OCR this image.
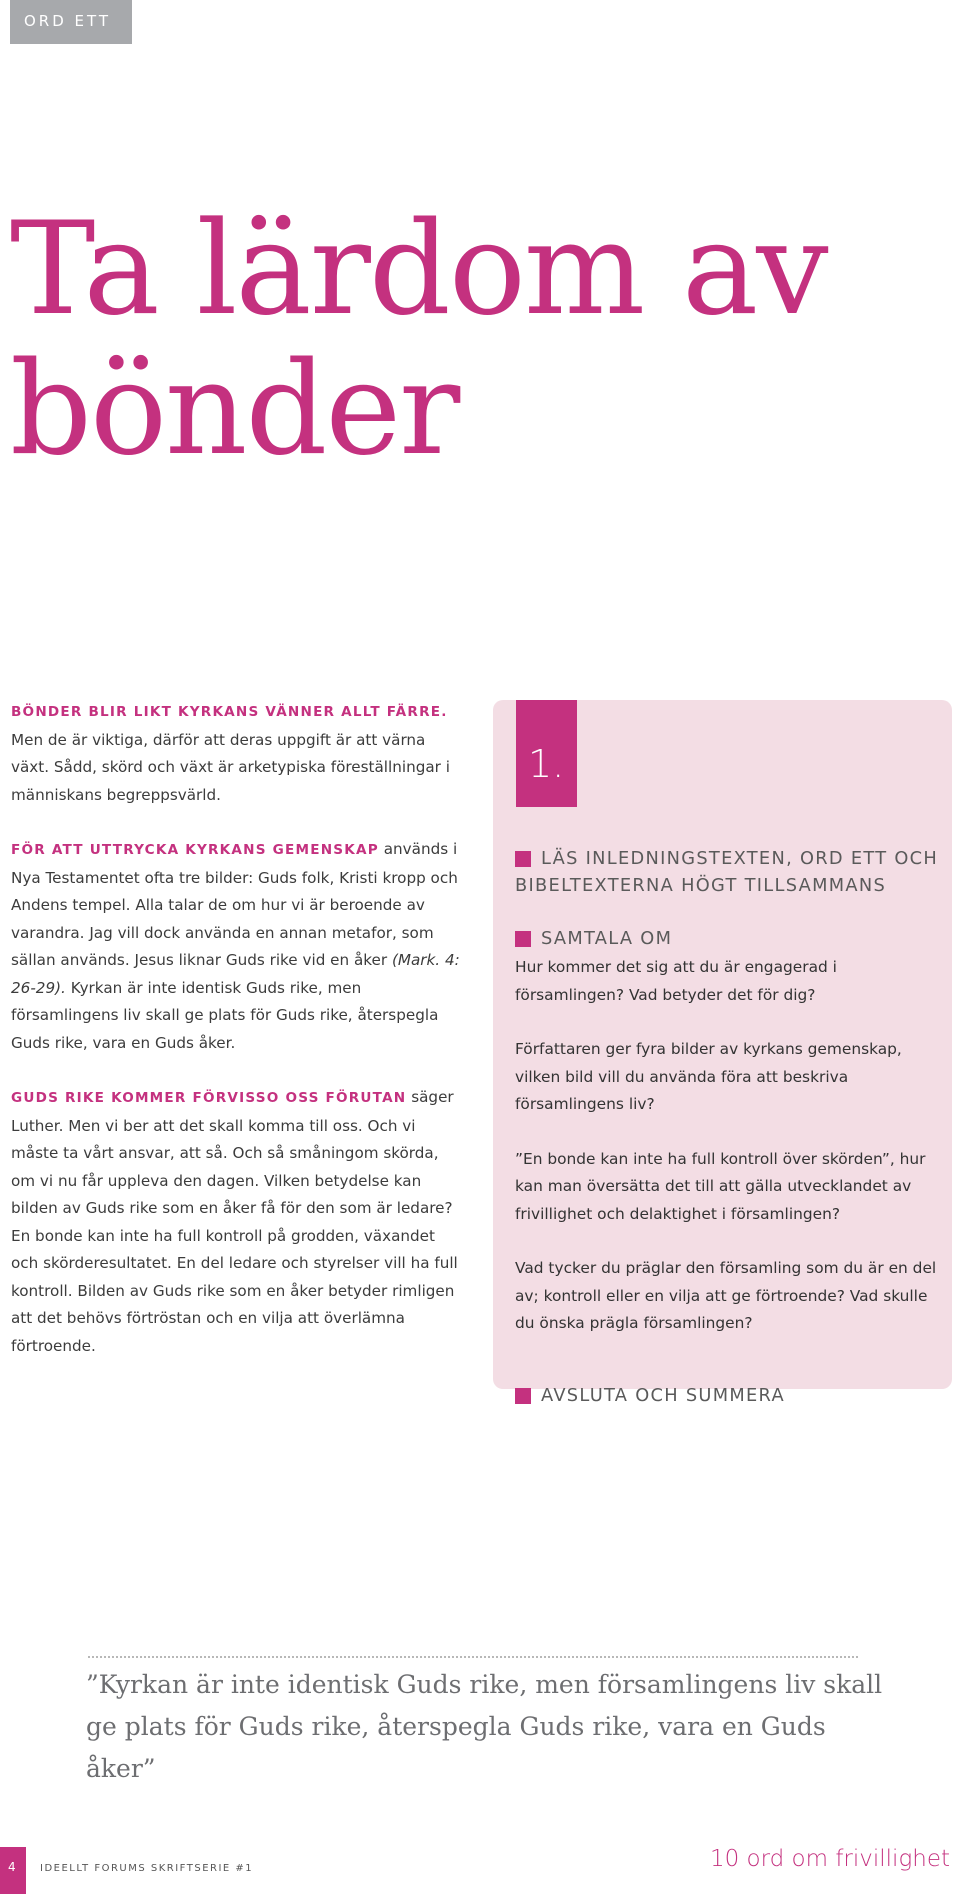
ORD ETT
Ta lärdom av bönder

BÖNDER BLIR LIKT KYRKANS VÄNNER ALLT FÄRRE. Men de är viktiga, därför att deras uppgift är att värna växt. Sådd, skörd och växt är arketypiska föreställningar i människans begreppsvärld.

FÖR ATT UTTRYCKA KYRKANS GEMENSKAP används i Nya Testamentet ofta tre bilder: Guds folk, Kristi kropp och Andens tempel. Alla talar de om hur vi är beroende av varandra. Jag vill dock använda en annan metafor, som sällan används. Jesus liknar Guds rike vid en åker (Mark. 4: 26-29). Kyrkan är inte identisk Guds rike, men församlingens liv skall ge plats för Guds rike, återspegla Guds rike, vara en Guds åker.

GUDS RIKE KOMMER FÖRVISSO OSS FÖRUTAN säger Luther. Men vi ber att det skall komma till oss. Och vi måste ta vårt ansvar, att så. Och så småningom skörda, om vi nu får uppleva den dagen. Vilken betydelse kan bilden av Guds rike som en åker få för den som är ledare? En bonde kan inte ha full kontroll på grodden, växandet och skörderesultatet. En del ledare och styrelser vill ha full kontroll. Bilden av Guds rike som en åker betyder rimligen att det behövs förtröstan och en vilja att överlämna förtroende.

1.
LÄS INLEDNINGSTEXTEN, ORD ETT OCH
BIBELTEXTERNA HÖGT TILLSAMMANS
SAMTALA OM

Hur kommer det sig att du är engagerad i församlingen? Vad betyder det för dig?

Författaren ger fyra bilder av kyrkans gemenskap, vilken bild vill du använda föra att beskriva församlingens liv?

”En bonde kan inte ha full kontroll över skörden”, hur kan man översätta det till att gälla utvecklandet av frivillighet och delaktighet i församlingen?

Vad tycker du präglar den församling som du är en del av; kontroll eller en vilja att ge förtroende? Vad skulle du önska prägla församlingen?

AVSLUTA OCH SUMMERA
”Kyrkan är inte identisk Guds rike, men församlingens liv skall ge plats för Guds rike, återspegla Guds rike, vara en Guds åker”
4	IDEELLT FORUMS SKRIFTSERIE #1	10 ord om frivillighet
